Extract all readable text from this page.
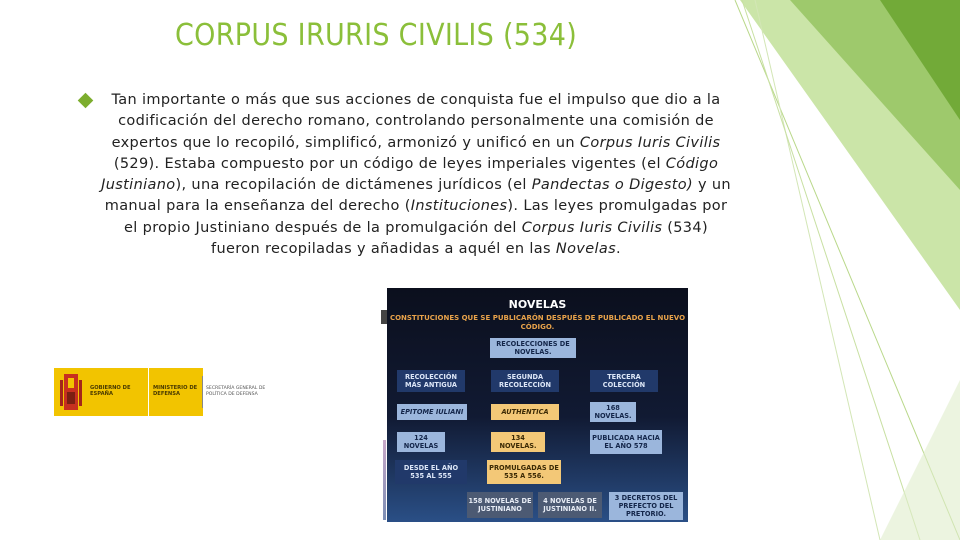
CORPUS IRURIS CIVILIS (534)
Tan importante o más que sus acciones de conquista fue el impulso que dio a la codificación del derecho romano, controlando personalmente una comisión de expertos que lo recopiló, simplificó, armonizó y unificó en un Corpus Iuris Civilis (529). Estaba compuesto por un código de leyes imperiales vigentes (el Código Justiniano), una recopilación de dictámenes jurídicos (el Pandectas o Digesto) y un manual para la enseñanza del derecho (Instituciones). Las leyes promulgadas por el propio Justiniano después de la promulgación del Corpus Iuris Civilis (534) fueron recopiladas y añadidas a aquél en las Novelas.
GOBIERNO DE ESPAÑA
MINISTERIO DE DEFENSA
SECRETARÍA GENERAL DE POLÍTICA DE DEFENSA
NOVELAS
CONSTITUCIONES QUE SE PUBLICARÓN DESPUÉS DE PUBLICADO EL NUEVO CÓDIGO.
RECOLECCIONES DE NOVELAS.
RECOLECCIÓN MÁS ANTIGUA
SEGUNDA RECOLECCIÓN
TERCERA COLECCIÓN
EPITOME IULIANI	AUTHENTICA	168 NOVELAS.
124 NOVELAS
134 NOVELAS.
PUBLICADA HACIA EL AÑO 578
DESDE EL AÑO 535 AL 555
PROMULGADAS DE 535 A 556.
158 NOVELAS DE JUSTINIANO
4 NOVELAS DE JUSTINIANO II.
3 DECRETOS DEL PREFECTO DEL PRETORIO.
